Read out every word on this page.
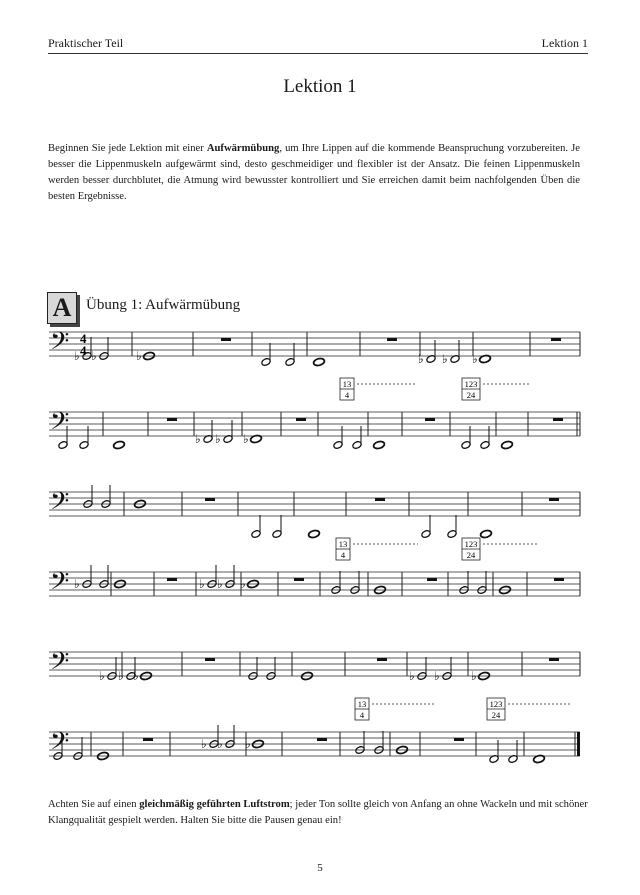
Praktischer Teil	Lektion 1
Lektion 1

Beginnen Sie jede Lektion mit einer Aufwärmübung, um Ihre Lippen auf die kommende Beanspruchung vorzubereiten. Je besser die Lippenmuskeln aufgewärmt sind, desto geschmeidiger und flexibler ist der Ansatz. Die feinen Lippenmuskeln werden besser durchblutet, die Atmung wird bewusster kontrolliert und Sie erreichen damit beim nachfolgenden Üben die besten Ergebnisse.

A Übung 1: Aufwärmübung
𝄢 4
4
♭ ♭	♭	♭ ♭ ♭
𝄢	♭ ♭ ♭
13
4
123
24
𝄢
𝄢 ♭	♭ ♭ ♭
13
4
123
24
𝄢 ♭ ♭ ♭	♭ ♭	♭
𝄢	♭ ♭ ♭
13
4
123
24

Achten Sie auf einen gleichmäßig geführten Luftstrom; jeder Ton sollte gleich von Anfang an ohne Wackeln und mit schöner Klangqualität gespielt werden. Halten Sie bitte die Pausen genau ein!

5
